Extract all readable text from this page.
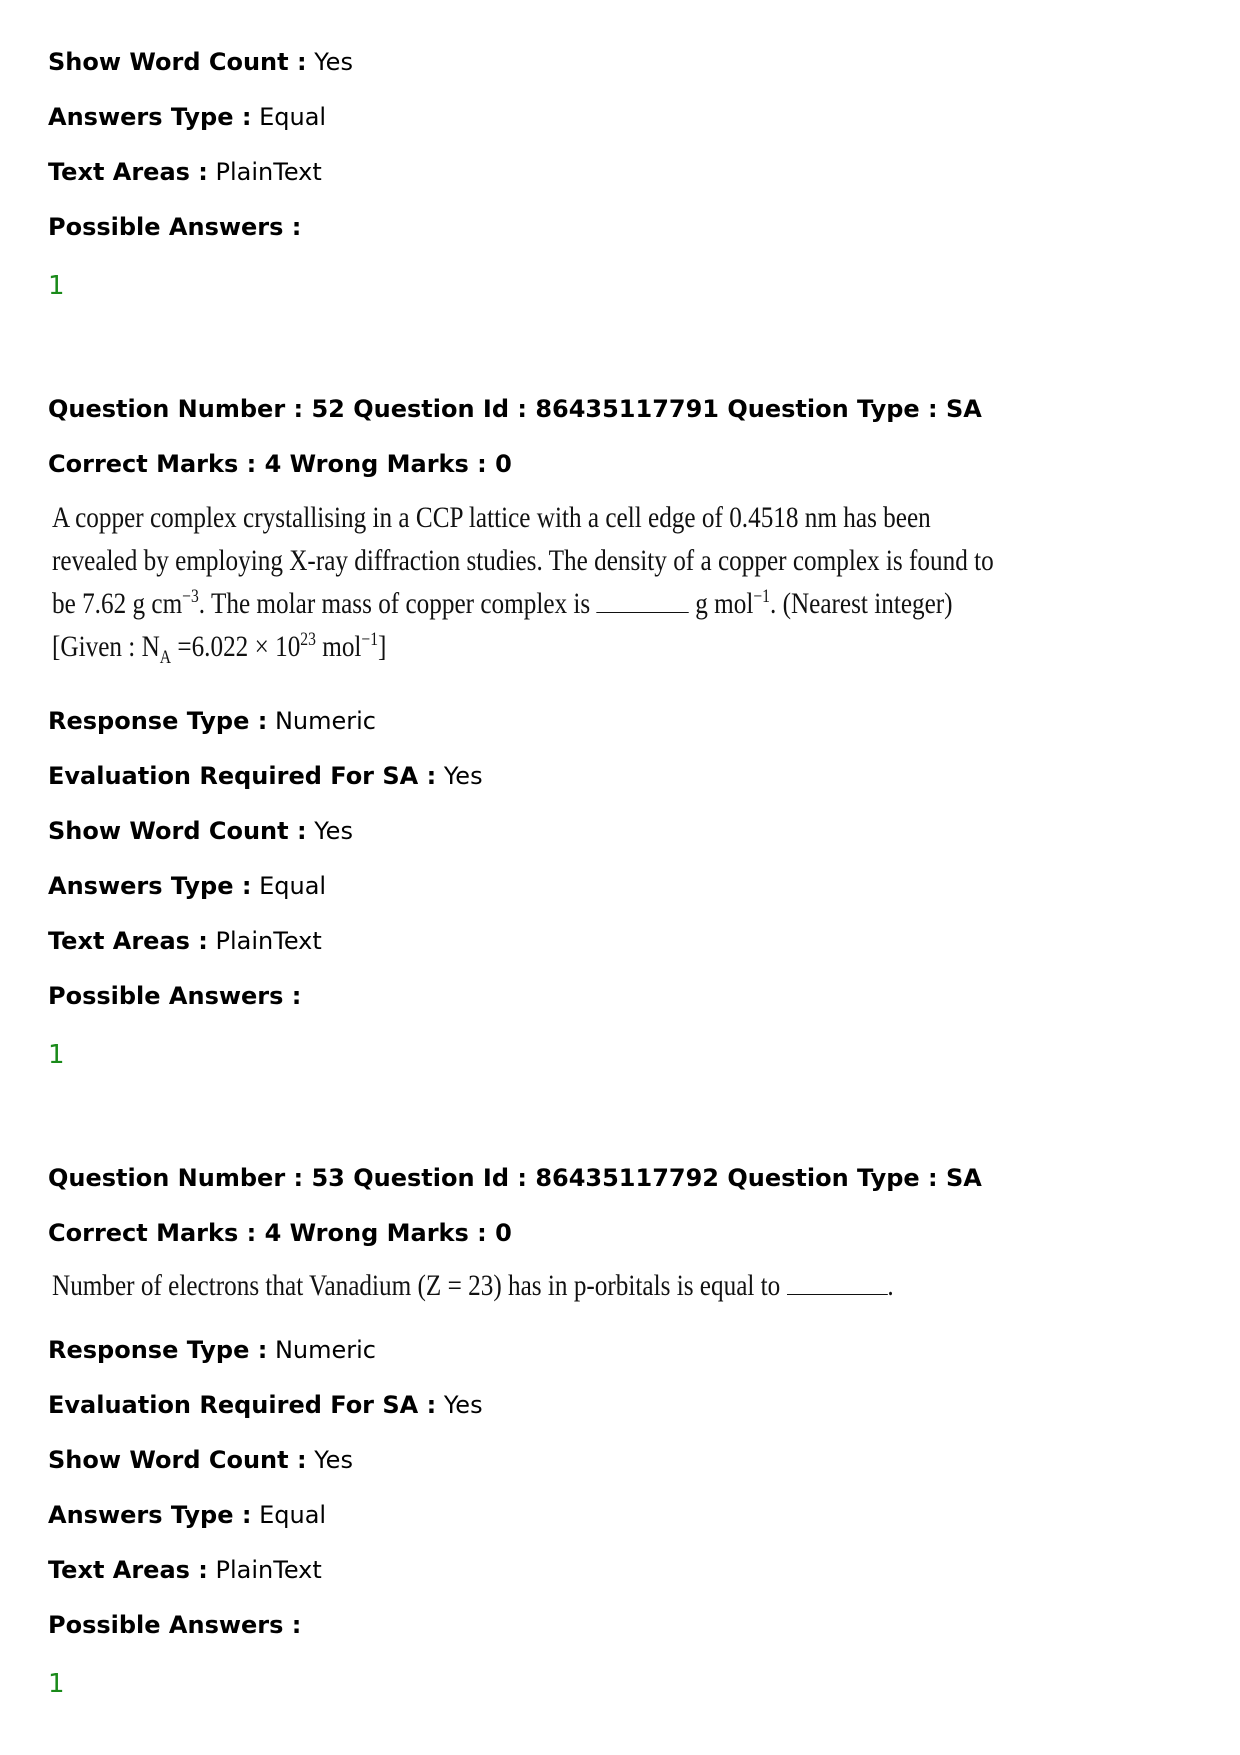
Show Word Count : Yes
Answers Type : Equal
Text Areas : PlainText
Possible Answers :
1
Question Number : 52 Question Id : 86435117791 Question Type : SA
Correct Marks : 4 Wrong Marks : 0
A copper complex crystallising in a CCP lattice with a cell edge of 0.4518 nm has been
revealed by employing X-ray diffraction studies. The density of a copper complex is found to
be 7.62 g $cm^{-3}$. The molar mass of copper complex is	g mol$^{-1}$. (Nearest integer)
[Given : $N_A =6.022 \times 10^{23}$ mol$^{-1}$]
Response Type : Numeric
Evaluation Required For SA : Yes
Show Word Count : Yes
Answers Type : Equal
Text Areas : PlainText
Possible Answers :
1
Question Number : 53 Question Id : 86435117792 Question Type : SA
Correct Marks : 4 Wrong Marks : 0
Number of electrons that Vanadium (Z = 23) has in p-orbitals is equal to	.
Response Type : Numeric
Evaluation Required For SA : Yes
Show Word Count : Yes
Answers Type : Equal
Text Areas : PlainText
Possible Answers :
1
